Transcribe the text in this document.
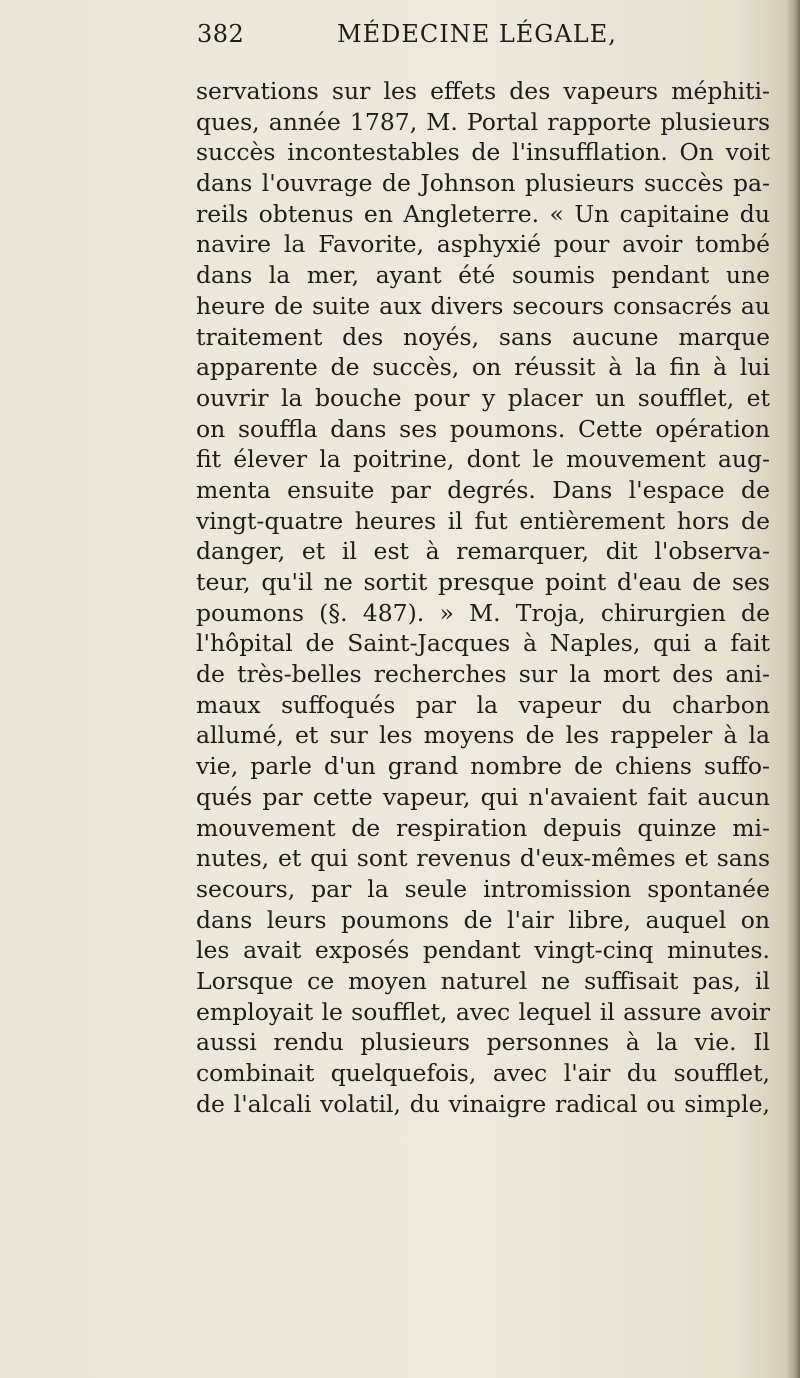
382	MÉDECINE LÉGALE,
servations sur les effets des vapeurs méphiti-
ques, année 1787, M. Portal rapporte plusieurs
succès incontestables de l'insufflation. On voit
dans l'ouvrage de Johnson plusieurs succès pa-
reils obtenus en Angleterre. « Un capitaine du
navire la Favorite, asphyxié pour avoir tombé
dans la mer, ayant été soumis pendant une
heure de suite aux divers secours consacrés au
traitement des noyés, sans aucune marque
apparente de succès, on réussit à la fin à lui
ouvrir la bouche pour y placer un soufflet, et
on souffla dans ses poumons. Cette opération
fit élever la poitrine, dont le mouvement aug-
menta ensuite par degrés. Dans l'espace de
vingt-quatre heures il fut entièrement hors de
danger, et il est à remarquer, dit l'observa-
teur, qu'il ne sortit presque point d'eau de ses
poumons (§. 487). » M. Troja, chirurgien de
l'hôpital de Saint-Jacques à Naples, qui a fait
de très-belles recherches sur la mort des ani-
maux suffoqués par la vapeur du charbon
allumé, et sur les moyens de les rappeler à la
vie, parle d'un grand nombre de chiens suffo-
qués par cette vapeur, qui n'avaient fait aucun
mouvement de respiration depuis quinze mi-
nutes, et qui sont revenus d'eux-mêmes et sans
secours, par la seule intromission spontanée
dans leurs poumons de l'air libre, auquel on
les avait exposés pendant vingt-cinq minutes.
Lorsque ce moyen naturel ne suffisait pas, il
employait le soufflet, avec lequel il assure avoir
aussi rendu plusieurs personnes à la vie. Il
combinait quelquefois, avec l'air du soufflet,
de l'alcali volatil, du vinaigre radical ou simple,
